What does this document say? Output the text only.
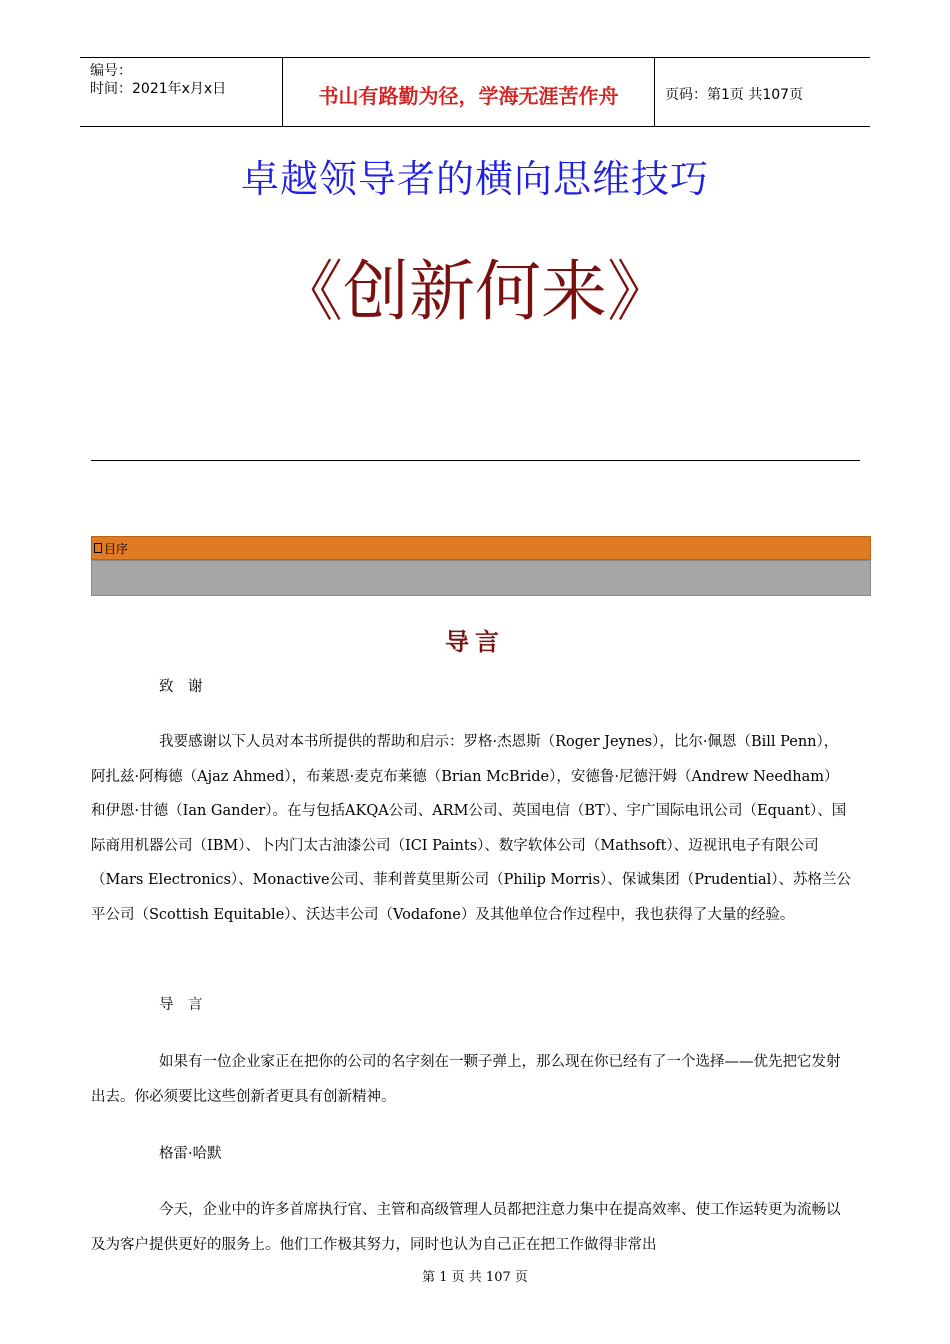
编号：
时间：2021年x月x日	书山有路勤为径，学海无涯苦作舟	页码：第1页 共107页
卓越领导者的横向思维技巧
《创新何来》
目序
导言
致　谢
我要感谢以下人员对本书所提供的帮助和启示：罗格·杰恩斯（Roger Jeynes），比尔·佩恩（Bill Penn），阿扎兹·阿梅德（Ajaz Ahmed），布莱恩·麦克布莱德（Brian McBride），安德鲁·尼德汗姆（Andrew Needham）和伊恩·甘德（Ian Gander）。在与包括AKQA公司、ARM公司、英国电信（BT）、宇广国际电讯公司（Equant）、国际商用机器公司（IBM）、卜内门太古油漆公司（ICI Paints）、数字软体公司（Mathsoft）、迈视讯电子有限公司（Mars Electronics）、Monactive公司、菲利普莫里斯公司（Philip Morris）、保诚集团（Prudential）、苏格兰公平公司（Scottish Equitable）、沃达丰公司（Vodafone）及其他单位合作过程中，我也获得了大量的经验。
导　言
如果有一位企业家正在把你的公司的名字刻在一颗子弹上，那么现在你已经有了一个选择——优先把它发射出去。你必须要比这些创新者更具有创新精神。
格雷·哈默
今天，企业中的许多首席执行官、主管和高级管理人员都把注意力集中在提高效率、使工作运转更为流畅以及为客户提供更好的服务上。他们工作极其努力，同时也认为自己正在把工作做得非常出
第 1 页 共 107 页
